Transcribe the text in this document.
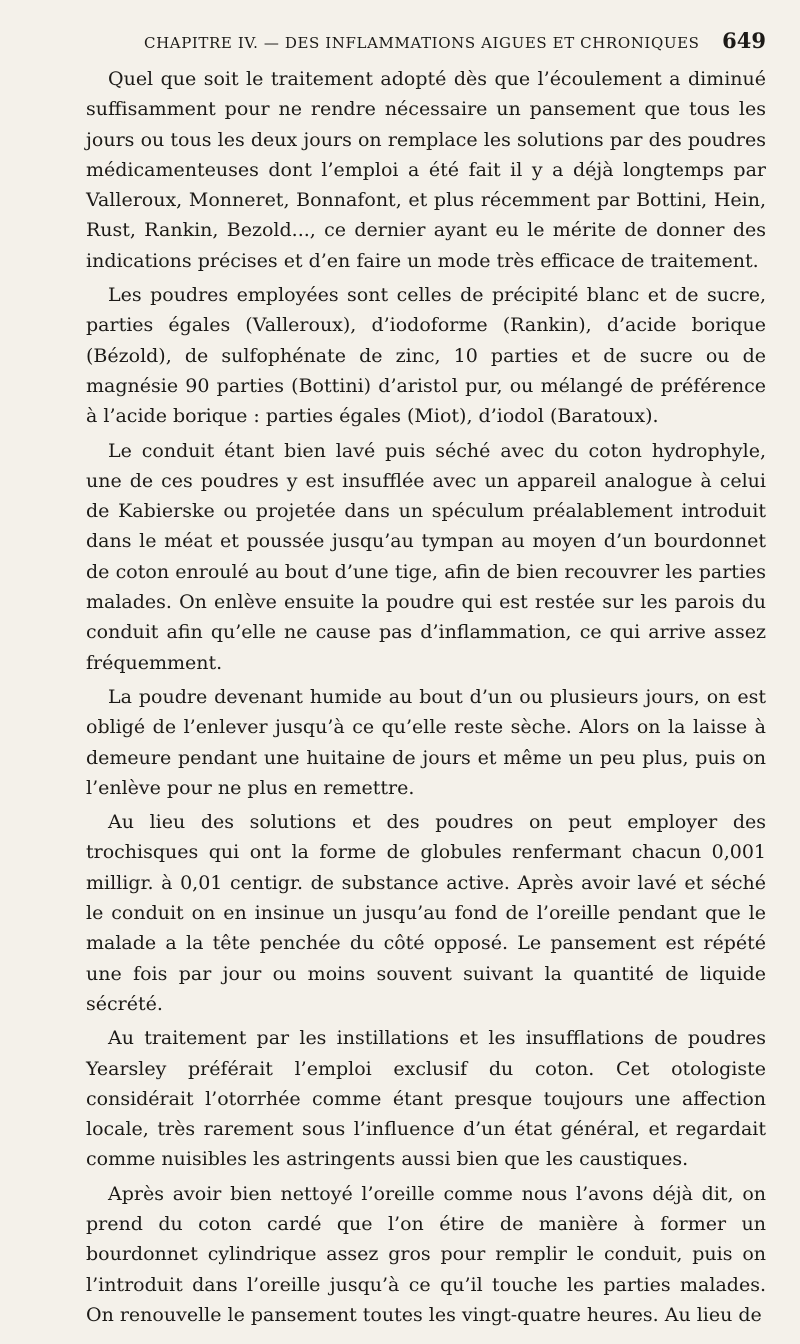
CHAPITRE IV. — DES INFLAMMATIONS AIGUES ET CHRONIQUES 649

Quel que soit le traitement adopté dès que l’écoulement a diminué suffisamment pour ne rendre nécessaire un pansement que tous les jours ou tous les deux jours on remplace les solutions par des poudres médicamenteuses dont l’emploi a été fait il y a déjà longtemps par Valleroux, Monneret, Bonnafont, et plus récemment par Bottini, Hein, Rust, Rankin, Bezold..., ce dernier ayant eu le mérite de donner des indications précises et d’en faire un mode très efficace de traitement.

Les poudres employées sont celles de précipité blanc et de sucre, parties égales (Valleroux), d’iodoforme (Rankin), d’acide borique (Bézold), de sulfophénate de zinc, 10 parties et de sucre ou de magnésie 90 parties (Bottini) d’aristol pur, ou mélangé de préférence à l’acide borique : parties égales (Miot), d’iodol (Baratoux).

Le conduit étant bien lavé puis séché avec du coton hydrophyle, une de ces poudres y est insufflée avec un appareil analogue à celui de Kabierske ou projetée dans un spéculum préalablement introduit dans le méat et poussée jusqu’au tympan au moyen d’un bourdonnet de coton enroulé au bout d’une tige, afin de bien recouvrer les parties malades. On enlève ensuite la poudre qui est restée sur les parois du conduit afin qu’elle ne cause pas d’inflammation, ce qui arrive assez fréquemment.

La poudre devenant humide au bout d’un ou plusieurs jours, on est obligé de l’enlever jusqu’à ce qu’elle reste sèche. Alors on la laisse à demeure pendant une huitaine de jours et même un peu plus, puis on l’enlève pour ne plus en remettre.

Au lieu des solutions et des poudres on peut employer des trochisques qui ont la forme de globules renfermant chacun 0,001 milligr. à 0,01 centigr. de substance active. Après avoir lavé et séché le conduit on en insinue un jusqu’au fond de l’oreille pendant que le malade a la tête penchée du côté opposé. Le pansement est répété une fois par jour ou moins souvent suivant la quantité de liquide sécrété.

Au traitement par les instillations et les insufflations de poudres Yearsley préférait l’emploi exclusif du coton. Cet otologiste considérait l’otorrhée comme étant presque toujours une affection locale, très rarement sous l’influence d’un état général, et regardait comme nuisibles les astringents aussi bien que les caustiques.

Après avoir bien nettoyé l’oreille comme nous l’avons déjà dit, on prend du coton cardé que l’on étire de manière à former un bourdonnet cylindrique assez gros pour remplir le conduit, puis on l’introduit dans l’oreille jusqu’à ce qu’il touche les parties malades. On renouvelle le pansement toutes les vingt-quatre heures. Au lieu de
